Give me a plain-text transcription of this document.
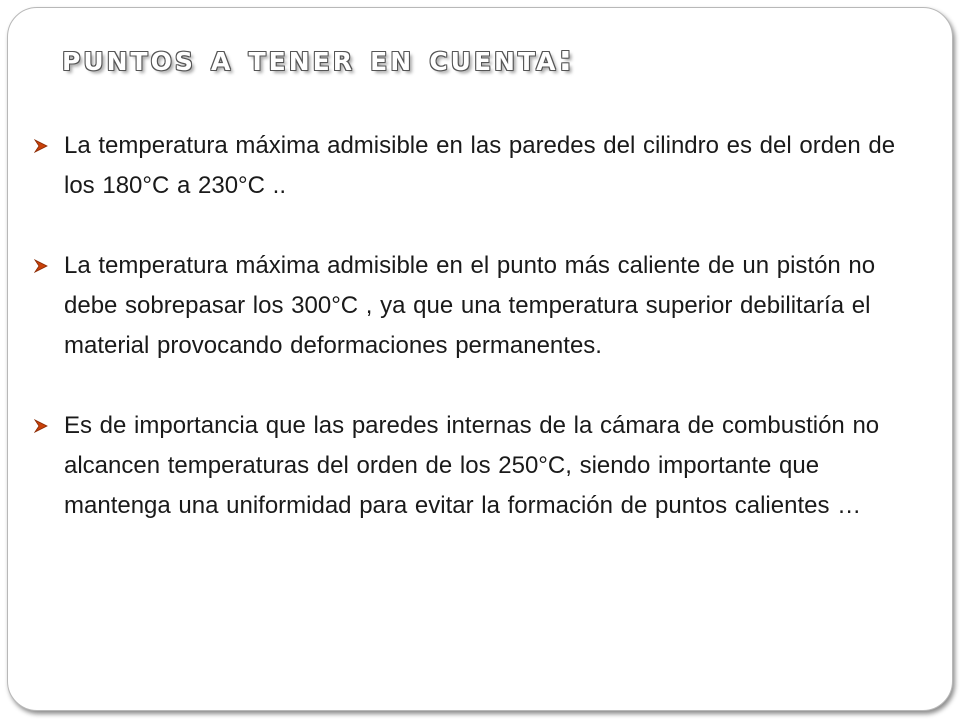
puntos a tener en cuenta:
La temperatura máxima admisible en las paredes del cilindro es del orden de los 180°C a 230°C ..
La temperatura máxima admisible en el punto más caliente de un pistón no debe sobrepasar los 300°C , ya que una temperatura superior debilitaría el material provocando deformaciones permanentes.
Es de importancia que las paredes internas de la cámara de combustión no alcancen temperaturas del orden de los 250°C, siendo importante que mantenga una uniformidad para evitar la formación de puntos calientes …
